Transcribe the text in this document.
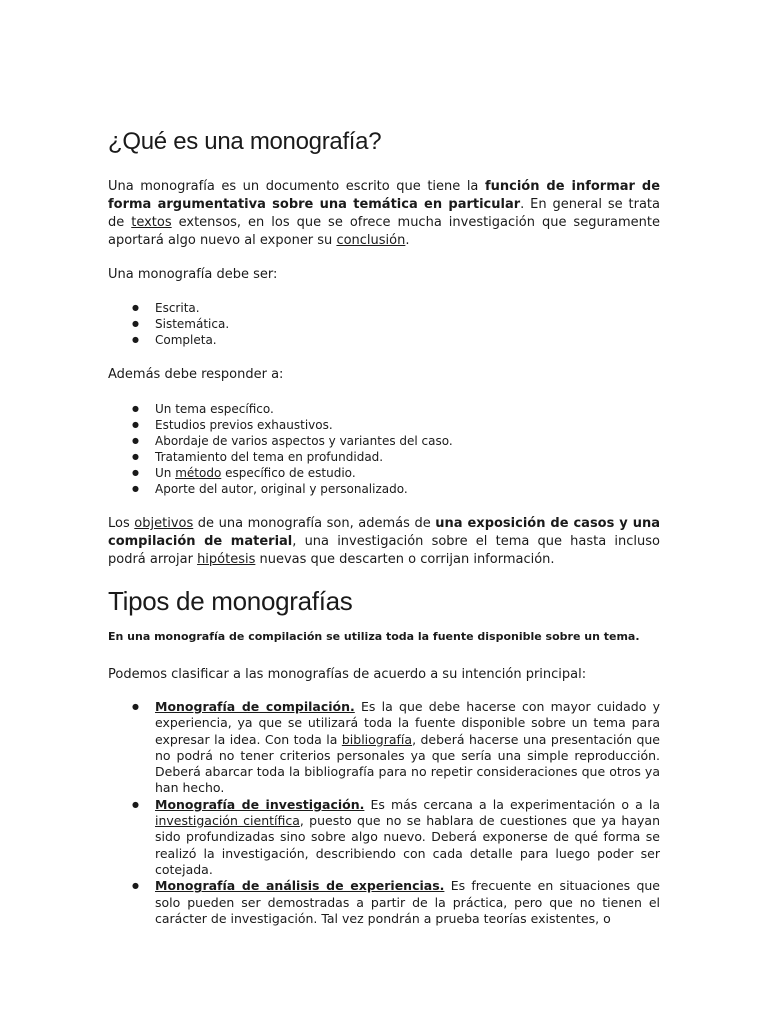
¿Qué es una monografía?

Una monografía es un documento escrito que tiene la función de informar de forma argumentativa sobre una temática en particular. En general se trata de textos extensos, en los que se ofrece mucha investigación que seguramente aportará algo nuevo al exponer su conclusión.

Una monografía debe ser:

● Escrita.
● Sistemática.
● Completa.

Además debe responder a:

● Un tema específico.
● Estudios previos exhaustivos.
● Abordaje de varios aspectos y variantes del caso.
● Tratamiento del tema en profundidad.
● Un método específico de estudio.
● Aporte del autor, original y personalizado.

Los objetivos de una monografía son, además de una exposición de casos y una compilación de material, una investigación sobre el tema que hasta incluso podrá arrojar hipótesis nuevas que descarten o corrijan información.

Tipos de monografías
En una monografía de compilación se utiliza toda la fuente disponible sobre un tema.

Podemos clasificar a las monografías de acuerdo a su intención principal:

● Monografía de compilación. Es la que debe hacerse con mayor cuidado y experiencia, ya que se utilizará toda la fuente disponible sobre un tema para expresar la idea. Con toda la bibliografía, deberá hacerse una presentación que no podrá no tener criterios personales ya que sería una simple reproducción. Deberá abarcar toda la bibliografía para no repetir consideraciones que otros ya han hecho.
● Monografía de investigación. Es más cercana a la experimentación o a la investigación científica, puesto que no se hablara de cuestiones que ya hayan sido profundizadas sino sobre algo nuevo. Deberá exponerse de qué forma se realizó la investigación, describiendo con cada detalle para luego poder ser cotejada.
● Monografía de análisis de experiencias. Es frecuente en situaciones que solo pueden ser demostradas a partir de la práctica, pero que no tienen el carácter de investigación. Tal vez pondrán a prueba teorías existentes, o
